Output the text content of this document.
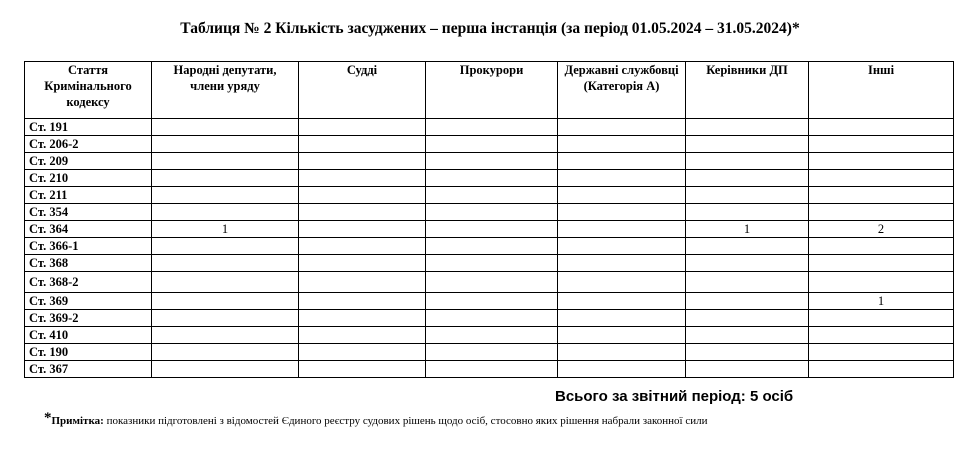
Таблиця № 2 Кількість засуджених – перша інстанція (за період 01.05.2024 – 31.05.2024)*
Стаття Кримінального кодексу	Народні депутати, члени уряду	Судді	Прокурори	Державні службовці (Категорія А)	Керівники ДП	Інші
Ст. 191						
Ст. 206-2						
Ст. 209						
Ст. 210						
Ст. 211						
Ст. 354						
Ст. 364	1				1	2
Ст. 366-1						
Ст. 368						
Ст. 368-2						
Ст. 369						1
Ст. 369-2						
Ст. 410						
Ст. 190						
Ст. 367						
Всього за звітний період: 5 осіб
*Примітка: показники підготовлені з відомостей Єдиного реєстру судових рішень щодо осіб, стосовно яких рішення набрали законної сили
